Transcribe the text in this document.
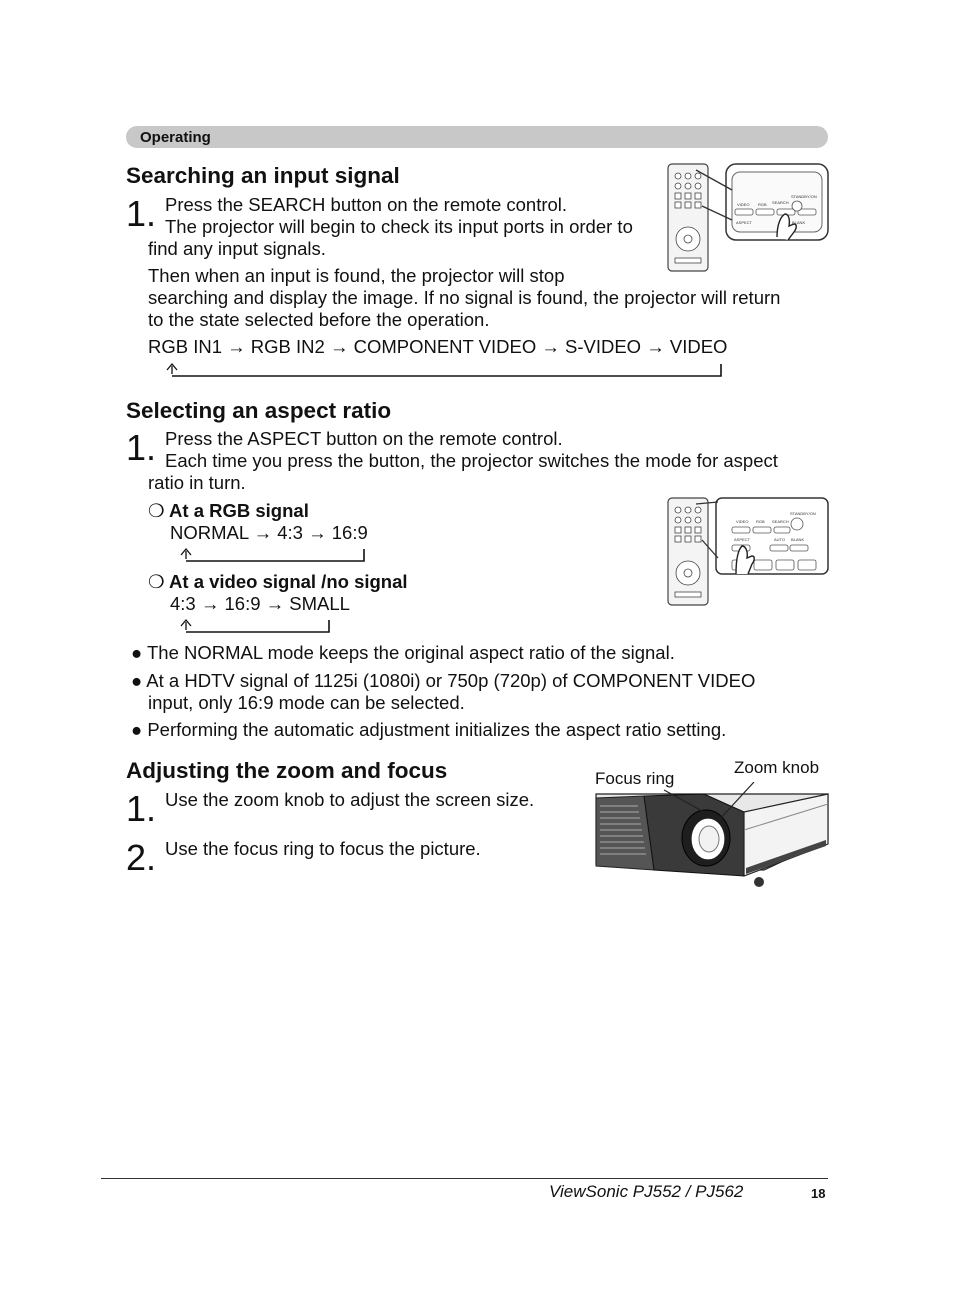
Operating
Searching an input signal
1. Press the SEARCH button on the remote control.
The projector will begin to check its input ports in order to
find any input signals.
Then when an input is found, the projector will stop
searching and display the image. If no signal is found, the projector will return
to the state selected before the operation.
RGB IN1 → RGB IN2 → COMPONENT VIDEO → S-VIDEO → VIDEO
VIDEO RGB SEARCH
STANDBY/ON
ASPECT	BLANK
Selecting an aspect ratio
1. Press the ASPECT button on the remote control.
Each time you press the button, the projector switches the mode for aspect
ratio in turn.
❍ At a RGB signal
NORMAL → 4:3 → 16:9
❍ At a video signal /no signal
4:3 → 16:9 → SMALL
● The NORMAL mode keeps the original aspect ratio of the signal.
● At a HDTV signal of 1125i (1080i) or 750p (720p) of COMPONENT VIDEO
input, only 16:9 mode can be selected.
● Performing the automatic adjustment initializes the aspect ratio setting.
VIDEO RGB SEARCH
STANDBY/ON
ASPECT	AUTO BLANK
Adjusting the zoom and focus
1. Use the zoom knob to adjust the screen size.
2. Use the focus ring to focus the picture.
Focus ring
Zoom knob
ViewSonic PJ552 / PJ562	18
